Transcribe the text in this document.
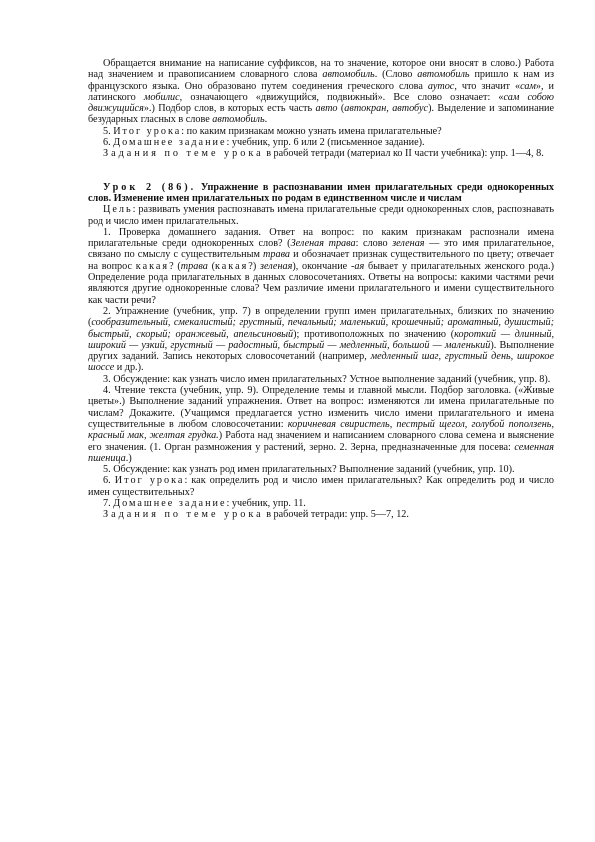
Обращается внимание на написание суффиксов, на то значение, которое они вносят в слово.) Работа над значением и правописанием словарного слова автомобиль. (Слово автомобиль пришло к нам из французского языка. Оно образовано путем соединения греческого слова аутос, что значит «сам», и латинского мобилис, означающего «движущийся, подвижный». Все слово означает: «сам собою движущийся».) Подбор слов, в которых есть часть авто (автокран, автобус). Выделение и запоминание безударных гласных в слове автомобиль.

5. Итог урока: по каким признакам можно узнать имена прилагательные?

6. Домашнее задание: учебник, упр. 6 или 2 (письменное задание).

Задания по теме урока в рабочей тетради (материал ко II части учебника): упр. 1—4, 8.

Урок 2 (86). Упражнение в распознавании имен прилагательных среди однокоренных слов. Изменение имен прилагательных по родам в единственном числе и числам

Цель: развивать умения распознавать имена прилагательные среди однокоренных слов, распознавать род и число имен прилагательных.

1. Проверка домашнего задания. Ответ на вопрос: по каким признакам распознали имена прилагательные среди однокоренных слов? (Зеленая трава: слово зеленая — это имя прилагательное, связано по смыслу с существительным трава и обозначает признак существительного по цвету; отвечает на вопрос какая? (трава (какая?) зеленая), окончание -ая бывает у прилагательных женского рода.) Определение рода прилагательных в данных словосочетаниях. Ответы на вопросы: какими частями речи являются другие однокоренные слова? Чем различие имени прилагательного и имени существительного как части речи?

2. Упражнение (учебник, упр. 7) в определении групп имен прилагательных, близких по значению (сообразительный, смекалистый; грустный, печальный; маленький, крошечный; ароматный, душистый; быстрый, скорый; оранжевый, апельсиновый); противоположных по значению (короткий — длинный, широкий — узкий, грустный — радостный, быстрый — медленный, большой — маленький). Выполнение других заданий. Запись некоторых словосочетаний (например, медленный шаг, грустный день, широкое шоссе и др.).

3. Обсуждение: как узнать число имен прилагательных? Устное выполнение заданий (учебник, упр. 8).

4. Чтение текста (учебник, упр. 9). Определение темы и главной мысли. Подбор заголовка. («Живые цветы».) Выполнение заданий упражнения. Ответ на вопрос: изменяются ли имена прилагательные по числам? Докажите. (Учащимся предлагается устно изменить число имени прилагательного и имена существительные в любом словосочетании: коричневая свиристель, пестрый щегол, голубой поползень, красный мак, желтая грудка.) Работа над значением и написанием словарного слова семена и выяснение его значения. (1. Орган размножения у растений, зерно. 2. Зерна, предназначенные для посева: семенная пшеница.)

5. Обсуждение: как узнать род имен прилагательных? Выполнение заданий (учебник, упр. 10).

6. Итог урока: как определить род и число имен прилагательных? Как определить род и число имен существительных?

7. Домашнее задание: учебник, упр. 11.

Задания по теме урока в рабочей тетради: упр. 5—7, 12.
